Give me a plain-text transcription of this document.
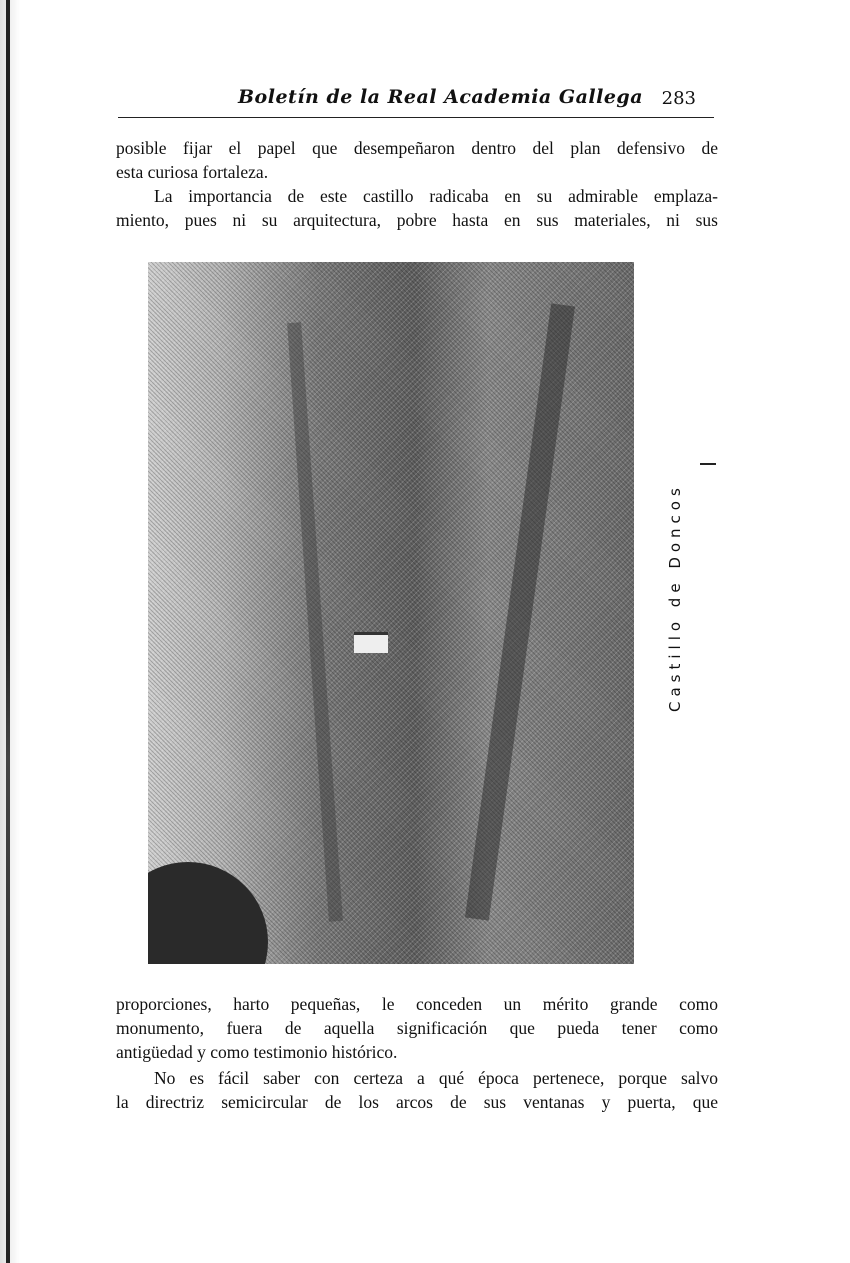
Boletín de la Real Academia Gallega 283
posible fijar el papel que desempeñaron dentro del plan defensivo de
esta curiosa fortaleza.
La importancia de este castillo radicaba en su admirable emplaza-
miento, pues ni su arquitectura, pobre hasta en sus materiales, ni sus
Castillo de Doncos
proporciones, harto pequeñas, le conceden un mérito grande como
monumento, fuera de aquella significación que pueda tener como
antigüedad y como testimonio histórico.
No es fácil saber con certeza a qué época pertenece, porque salvo
la directriz semicircular de los arcos de sus ventanas y puerta, que
